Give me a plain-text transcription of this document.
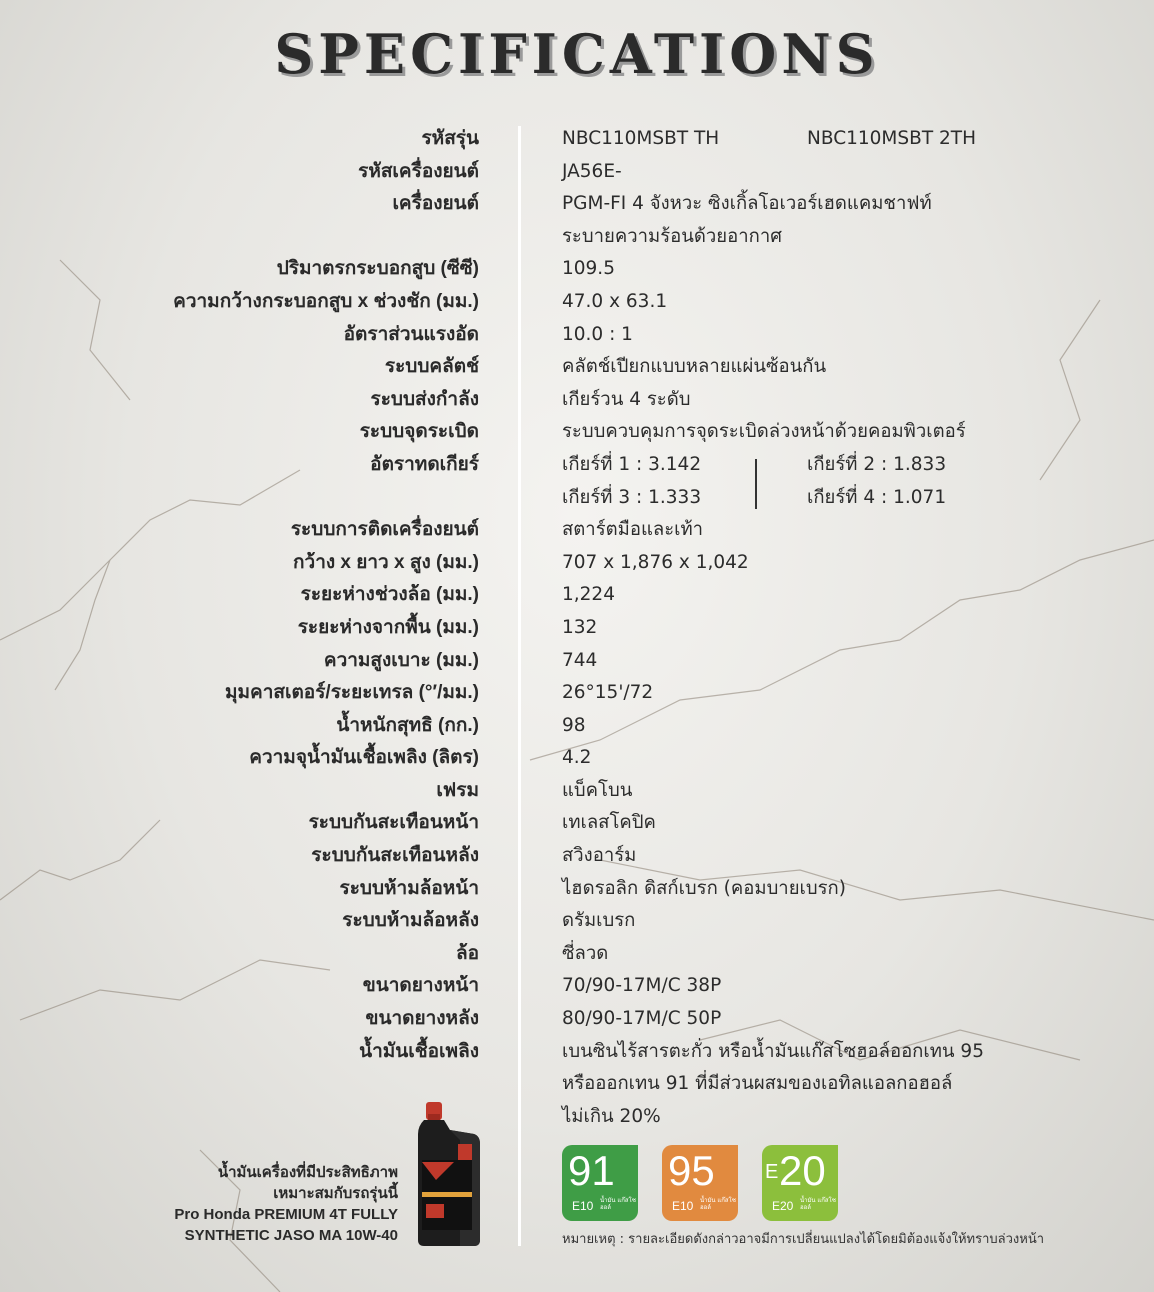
SPECIFICATIONS
รหัสรุ่น	NBC110MSBT TH	NBC110MSBT 2TH
รหัสเครื่องยนต์	JA56E-
เครื่องยนต์	PGM-FI 4 จังหวะ ซิงเกิ้ลโอเวอร์เฮดแคมชาฟท์
ระบายความร้อนด้วยอากาศ
ปริมาตรกระบอกสูบ (ซีซี)	109.5
ความกว้างกระบอกสูบ x ช่วงชัก (มม.)	47.0 x 63.1
อัตราส่วนแรงอัด	10.0 : 1
ระบบคลัตช์	คลัตช์เปียกแบบหลายแผ่นซ้อนกัน
ระบบส่งกำลัง	เกียร์วน 4 ระดับ
ระบบจุดระเบิด	ระบบควบคุมการจุดระเบิดล่วงหน้าด้วยคอมพิวเตอร์
อัตราทดเกียร์	เกียร์ที่ 1 : 3.142	เกียร์ที่ 2 : 1.833
เกียร์ที่ 3 : 1.333	เกียร์ที่ 4 : 1.071
ระบบการติดเครื่องยนต์	สตาร์ตมือและเท้า
กว้าง x ยาว x สูง (มม.)	707 x 1,876 x 1,042
ระยะห่างช่วงล้อ (มม.)	1,224
ระยะห่างจากพื้น (มม.)	132
ความสูงเบาะ (มม.)	744
มุมคาสเตอร์/ระยะเทรล (°′/มม.)	26°15'/72
น้ำหนักสุทธิ (กก.)	98
ความจุน้ำมันเชื้อเพลิง (ลิตร)	4.2
เฟรม	แบ็คโบน
ระบบกันสะเทือนหน้า	เทเลสโคปิค
ระบบกันสะเทือนหลัง	สวิงอาร์ม
ระบบห้ามล้อหน้า	ไฮดรอลิก ดิสก์เบรก (คอมบายเบรก)
ระบบห้ามล้อหลัง	ดรัมเบรก
ล้อ	ซี่ลวด
ขนาดยางหน้า	70/90-17M/C 38P
ขนาดยางหลัง	80/90-17M/C 50P
น้ำมันเชื้อเพลิง	เบนซินไร้สารตะกั่ว หรือน้ำมันแก๊สโซฮอล์ออกเทน 95
หรือออกเทน 91 ที่มีส่วนผสมของเอทิลแอลกอฮอล์
ไม่เกิน 20%
น้ำมันเครื่องที่มีประสิทธิภาพ
เหมาะสมกับรถรุ่นนี้
Pro Honda PREMIUM 4T FULLY
SYNTHETIC JASO MA 10W-40
91
E10 น้ำมัน แก๊สโซฮอล์
95
E10 น้ำมัน แก๊สโซฮอล์
E 20
E20 น้ำมัน แก๊สโซฮอล์
หมายเหตุ : รายละเอียดดังกล่าวอาจมีการเปลี่ยนแปลงได้โดยมิต้องแจ้งให้ทราบล่วงหน้า
